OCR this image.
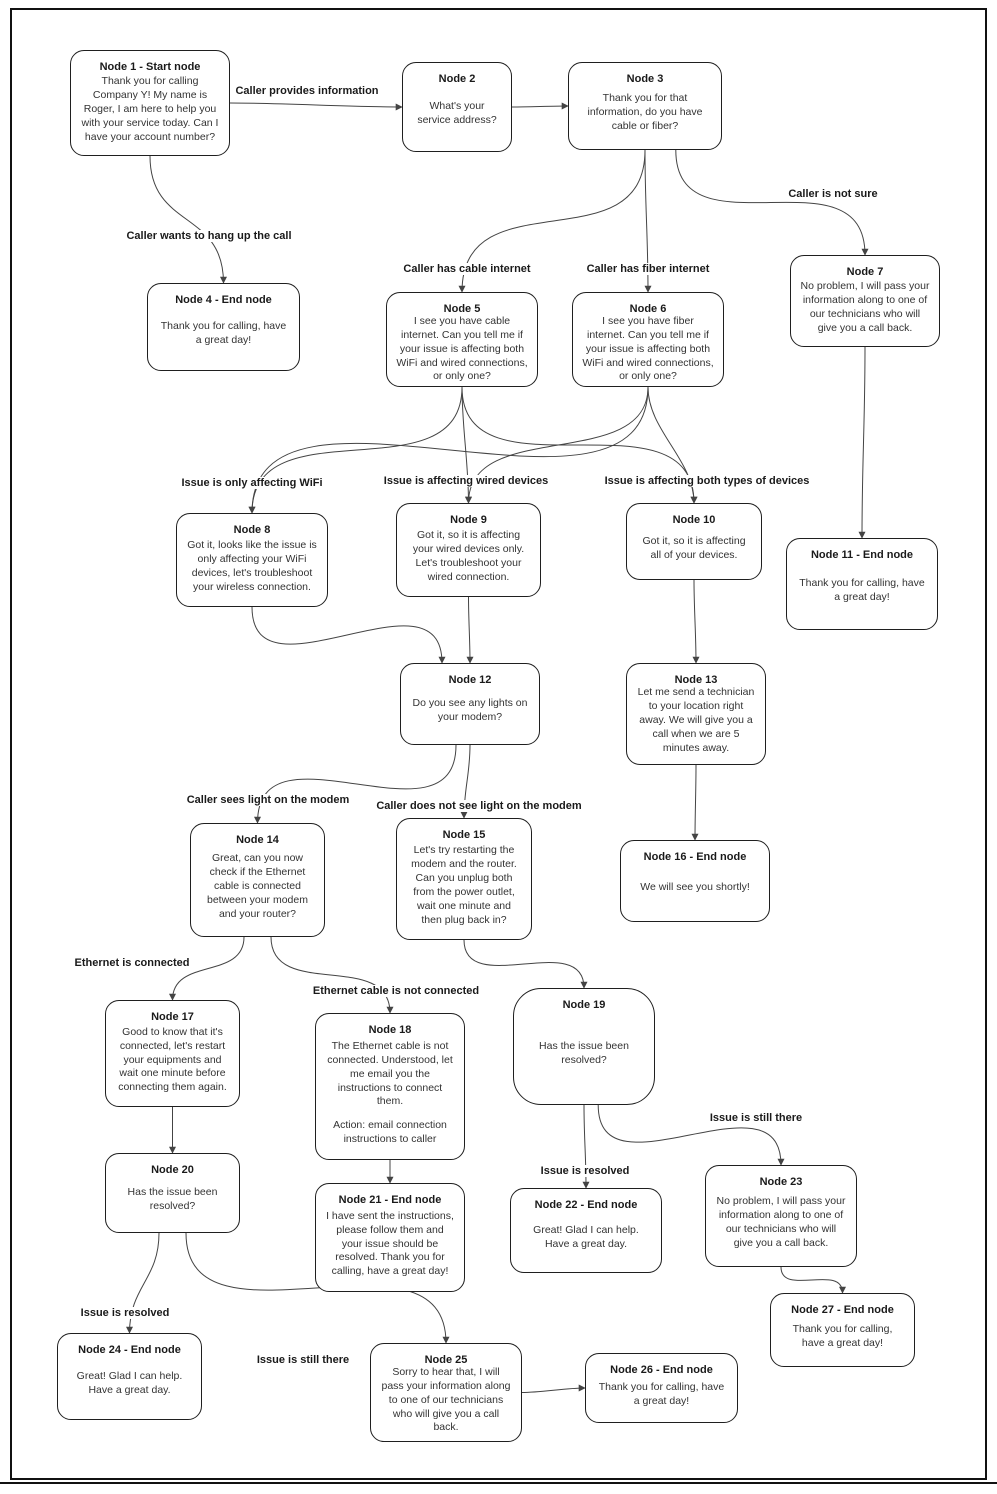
Node 1 - Start node
Thank you for calling Company Y! My name is Roger, I am here to help you with your service today. Can I have your account number?
Node 2
What's your service address?
Node 3
Thank you for that information, do you have cable or fiber?
Node 4 - End node
Thank you for calling, have a great day!
Node 5
I see you have cable internet. Can you tell me if your issue is affecting both WiFi and wired connections, or only one?
Node 6
I see you have fiber internet. Can you tell me if your issue is affecting both WiFi and wired connections, or only one?
Node 7
No problem, I will pass your information along to one of our technicians who will give you a call back.
Node 8
Got it, looks like the issue is only affecting your WiFi devices, let's troubleshoot your wireless connection.
Node 9
Got it, so it is affecting your wired devices only. Let's troubleshoot your wired connection.
Node 10
Got it, so it is affecting all of your devices.	Node 11 - End node
Thank you for calling, have a great day!
Node 12
Do you see any lights on your modem?
Node 13
Let me send a technician to your location right away. We will give you a call when we are 5 minutes away.
Node 14
Great, can you now check if the Ethernet cable is connected between your modem and your router?
Node 15
Let's try restarting the modem and the router. Can you unplug both from the power outlet, wait one minute and then plug back in?
Node 16 - End node
We will see you shortly!
Node 17
Good to know that it's connected, let's restart your equipments and wait one minute before connecting them again.
Node 18
The Ethernet cable is not connected. Understood, let me email you the instructions to connect them.
Action: email connection instructions to caller
Node 19
Has the issue been resolved?
Node 20
Has the issue been resolved?	Node 21 - End node
I have sent the instructions, please follow them and your issue should be resolved. Thank you for calling, have a great day!
Node 22 - End node
Great! Glad I can help. Have a great day.
Node 23
No problem, I will pass your information along to one of our technicians who will give you a call back.
Node 24 - End node
Great! Glad I can help. Have a great day.
Node 25
Sorry to hear that, I will pass your information along to one of our technicians who will give you a call back.
Node 26 - End node
Thank you for calling, have a great day!
Node 27 - End node
Thank you for calling, have a great day!
Caller provides information
Caller is not sure
Caller wants to hang up the call
Caller has cable internet	Caller has fiber internet
Issue is only affecting WiFi	Issue is affecting wired devices	Issue is affecting both types of devices
Caller sees light on the modem Caller does not see light on the modem
Ethernet is connected
Ethernet cable is not connected
Issue is still there
Issue is resolved
Issue is resolved
Issue is still there
